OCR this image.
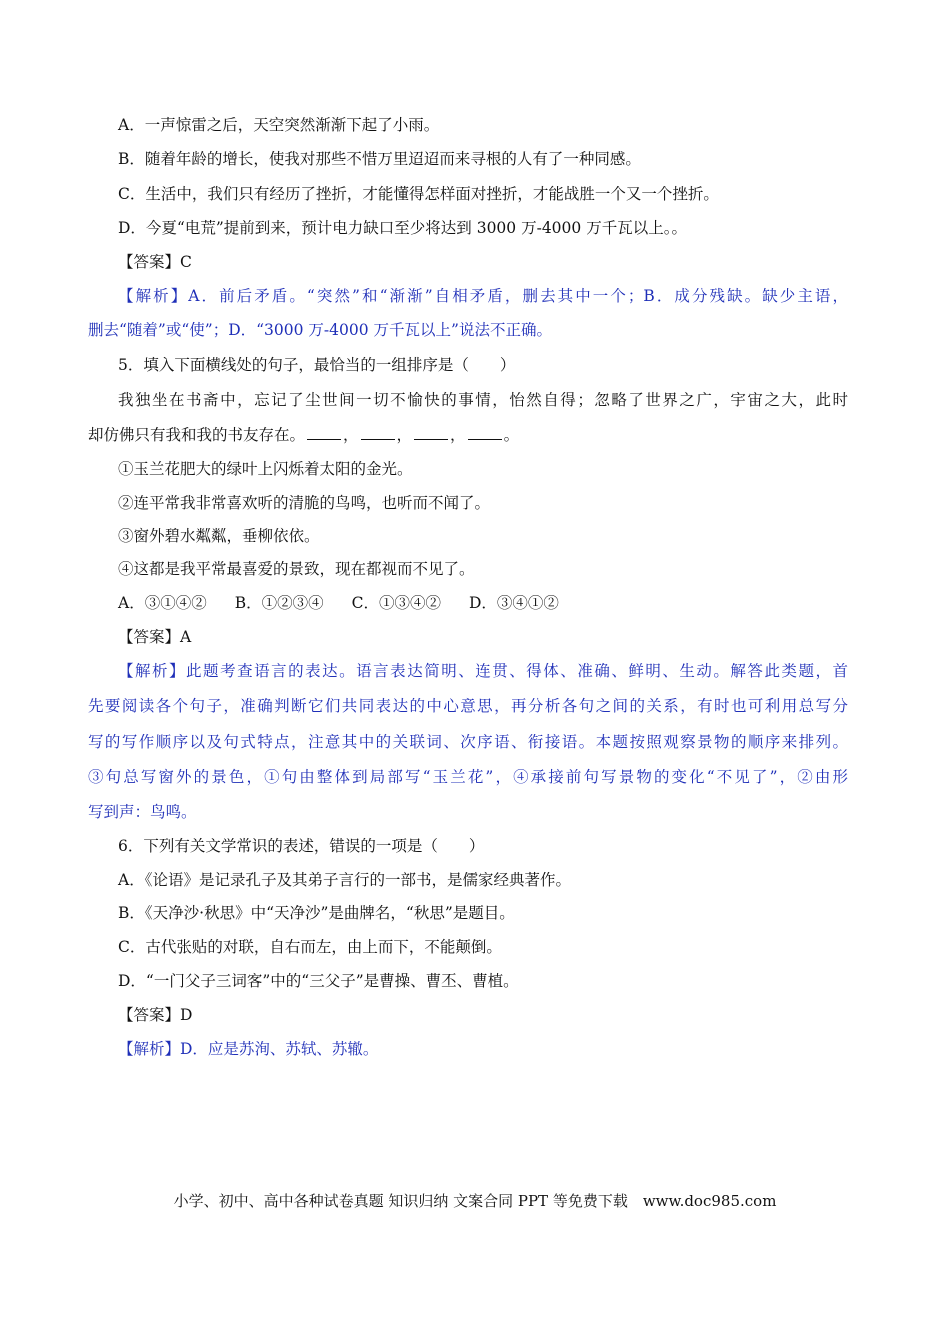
A．一声惊雷之后，天空突然渐渐下起了小雨。
B．随着年龄的增长，使我对那些不惜万里迢迢而来寻根的人有了一种同感。
C．生活中，我们只有经历了挫折，才能懂得怎样面对挫折，才能战胜一个又一个挫折。
D．今夏“电荒”提前到来，预计电力缺口至少将达到 3000 万-4000 万千瓦以上。。
【答案】C
【解析】A．前后矛盾。“突然”和“渐渐”自相矛盾，删去其中一个；B．成分残缺。缺少主语，
删去“随着”或“使”；D．“3000 万-4000 万千瓦以上”说法不正确。
5．填入下面横线处的句子，最恰当的一组排序是（　　）
我独坐在书斋中，忘记了尘世间一切不愉快的事情，怡然自得；忽略了世界之广，宇宙之大，此时
却仿佛只有我和我的书友存在。 ， ， ， 。
①玉兰花肥大的绿叶上闪烁着太阳的金光。
②连平常我非常喜欢听的清脆的鸟鸣，也听而不闻了。
③窗外碧水粼粼，垂柳依依。
④这都是我平常最喜爱的景致，现在都视而不见了。
A．③①④② B．①②③④ C．①③④② D．③④①②
【答案】A
【解析】此题考查语言的表达。语言表达简明、连贯、得体、准确、鲜明、生动。解答此类题，首
先要阅读各个句子，准确判断它们共同表达的中心意思，再分析各句之间的关系，有时也可利用总写分
写的写作顺序以及句式特点，注意其中的关联词、次序语、衔接语。本题按照观察景物的顺序来排列。
③句总写窗外的景色，①句由整体到局部写“玉兰花”，④承接前句写景物的变化“不见了”，②由形
写到声：鸟鸣。
6．下列有关文学常识的表述，错误的一项是（　　）
A．《论语》是记录孔子及其弟子言行的一部书，是儒家经典著作。
B．《天净沙·秋思》中“天净沙”是曲牌名，“秋思”是题目。
C．古代张贴的对联，自右而左，由上而下，不能颠倒。
D．“一门父子三词客”中的“三父子”是曹操、曹丕、曹植。
【答案】D
【解析】D．应是苏洵、苏轼、苏辙。
小学、初中、高中各种试卷真题 知识归纳 文案合同 PPT 等免费下载　www.doc985.com
